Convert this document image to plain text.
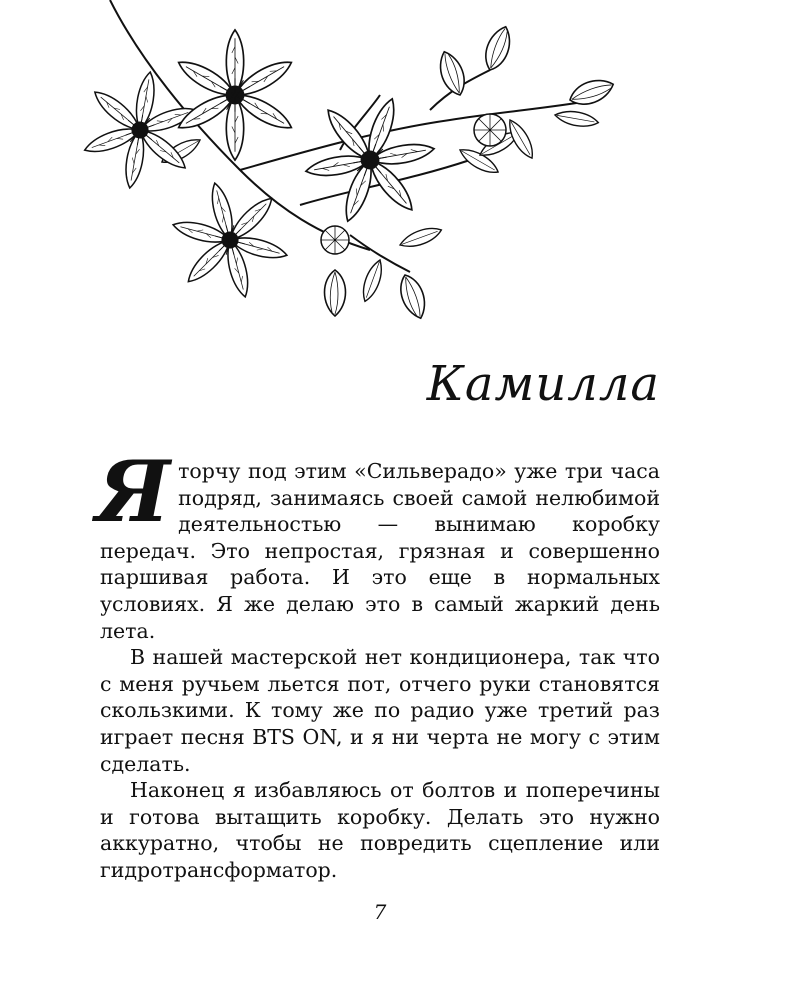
Камилла

Яторчу под этим «Сильверадо» уже три часа подряд, занимаясь своей самой нелюбимой деятельностью — вынимаю коробку передач. Это непростая, грязная и совершенно паршивая работа. И это еще в нормальных условиях. Я же делаю это в самый жаркий день лета.

В нашей мастерской нет кондиционера, так что с меня ручьем льется пот, отчего руки становятся скользкими. К тому же по радио уже третий раз играет песня BTS ON, и я ни черта не могу с этим сделать.

Наконец я избавляюсь от болтов и поперечины и готова вытащить коробку. Делать это нужно аккуратно, чтобы не повредить сцепление или гидротрансформатор.

7
